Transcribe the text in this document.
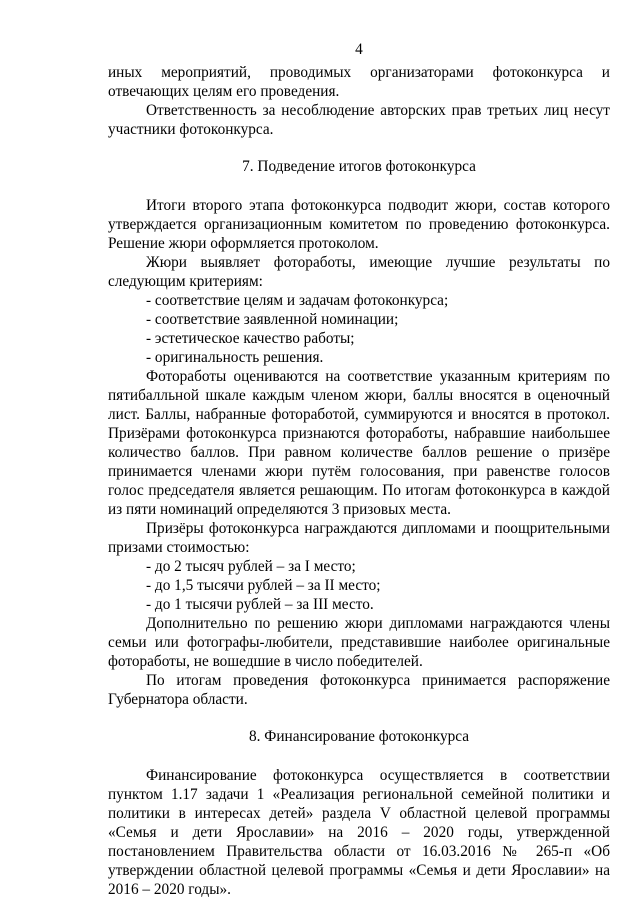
4

иных мероприятий, проводимых организаторами фотоконкурса и отвечающих целям его проведения.

Ответственность за несоблюдение авторских прав третьих лиц несут участники фотоконкурса.

7. Подведение итогов фотоконкурса

Итоги второго этапа фотоконкурса подводит жюри, состав которого утверждается организационным комитетом по проведению фотоконкурса. Решение жюри оформляется протоколом.

Жюри выявляет фотоработы, имеющие лучшие результаты по следующим критериям:

- соответствие целям и задачам фотоконкурса;
- соответствие заявленной номинации;
- эстетическое качество работы;
- оригинальность решения.

Фотоработы оцениваются на соответствие указанным критериям по пятибалльной шкале каждым членом жюри, баллы вносятся в оценочный лист. Баллы, набранные фотоработой, суммируются и вносятся в протокол. Призёрами фотоконкурса признаются фотоработы, набравшие наибольшее количество баллов. При равном количестве баллов решение о призёре принимается членами жюри путём голосования, при равенстве голосов голос председателя является решающим. По итогам фотоконкурса в каждой из пяти номинаций определяются 3 призовых места.

Призёры фотоконкурса награждаются дипломами и поощрительными призами стоимостью:

- до 2 тысяч рублей – за I место;
- до 1,5 тысячи рублей – за II место;
- до 1 тысячи рублей – за III место.

Дополнительно по решению жюри дипломами награждаются члены семьи или фотографы-любители, представившие наиболее оригинальные фотоработы, не вошедшие в число победителей.

По итогам проведения фотоконкурса принимается распоряжение Губернатора области.

8. Финансирование фотоконкурса

Финансирование фотоконкурса осуществляется в соответствии пунктом 1.17 задачи 1 «Реализация региональной семейной политики и политики в интересах детей» раздела V областной целевой программы «Семья и дети Ярославии» на 2016 – 2020 годы, утвержденной постановлением Правительства области от 16.03.2016 № 265-п «Об утверждении областной целевой программы «Семья и дети Ярославии» на 2016 – 2020 годы».
